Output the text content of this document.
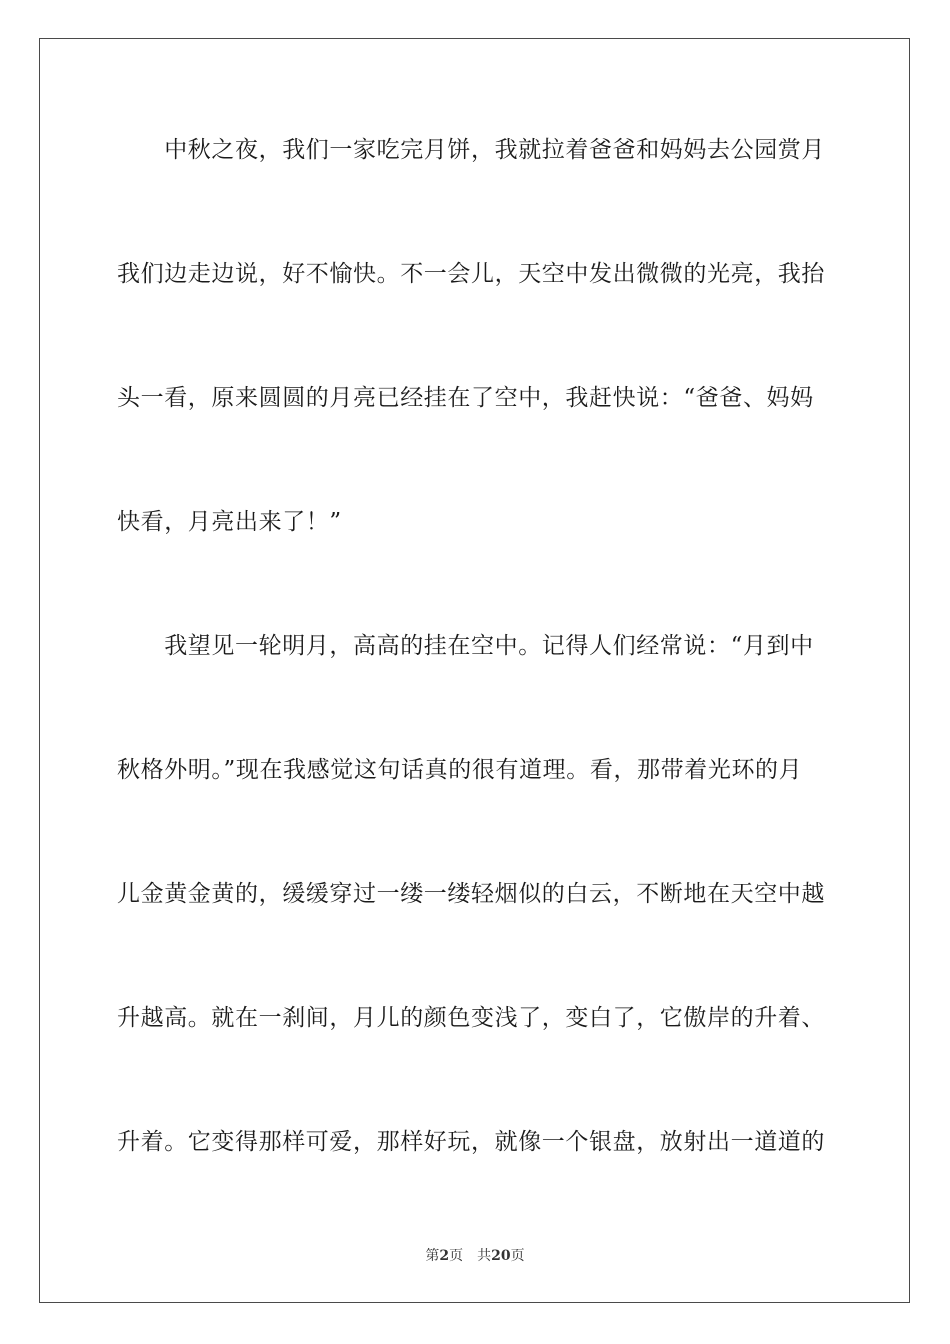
　　中秋之夜，我们一家吃完月饼，我就拉着爸爸和妈妈去公园赏月
我们边走边说，好不愉快。不一会儿，天空中发出微微的光亮，我抬
头一看，原来圆圆的月亮已经挂在了空中，我赶快说：“爸爸、妈妈
快看，月亮出来了！”
　　我望见一轮明月，高高的挂在空中。记得人们经常说：“月到中
秋格外明。”现在我感觉这句话真的很有道理。看，那带着光环的月
儿金黄金黄的，缓缓穿过一缕一缕轻烟似的白云，不断地在天空中越
升越高。就在一刹间，月儿的颜色变浅了，变白了，它傲岸的升着、
升着。它变得那样可爱，那样好玩，就像一个银盘，放射出一道道的
第2页 共20页
